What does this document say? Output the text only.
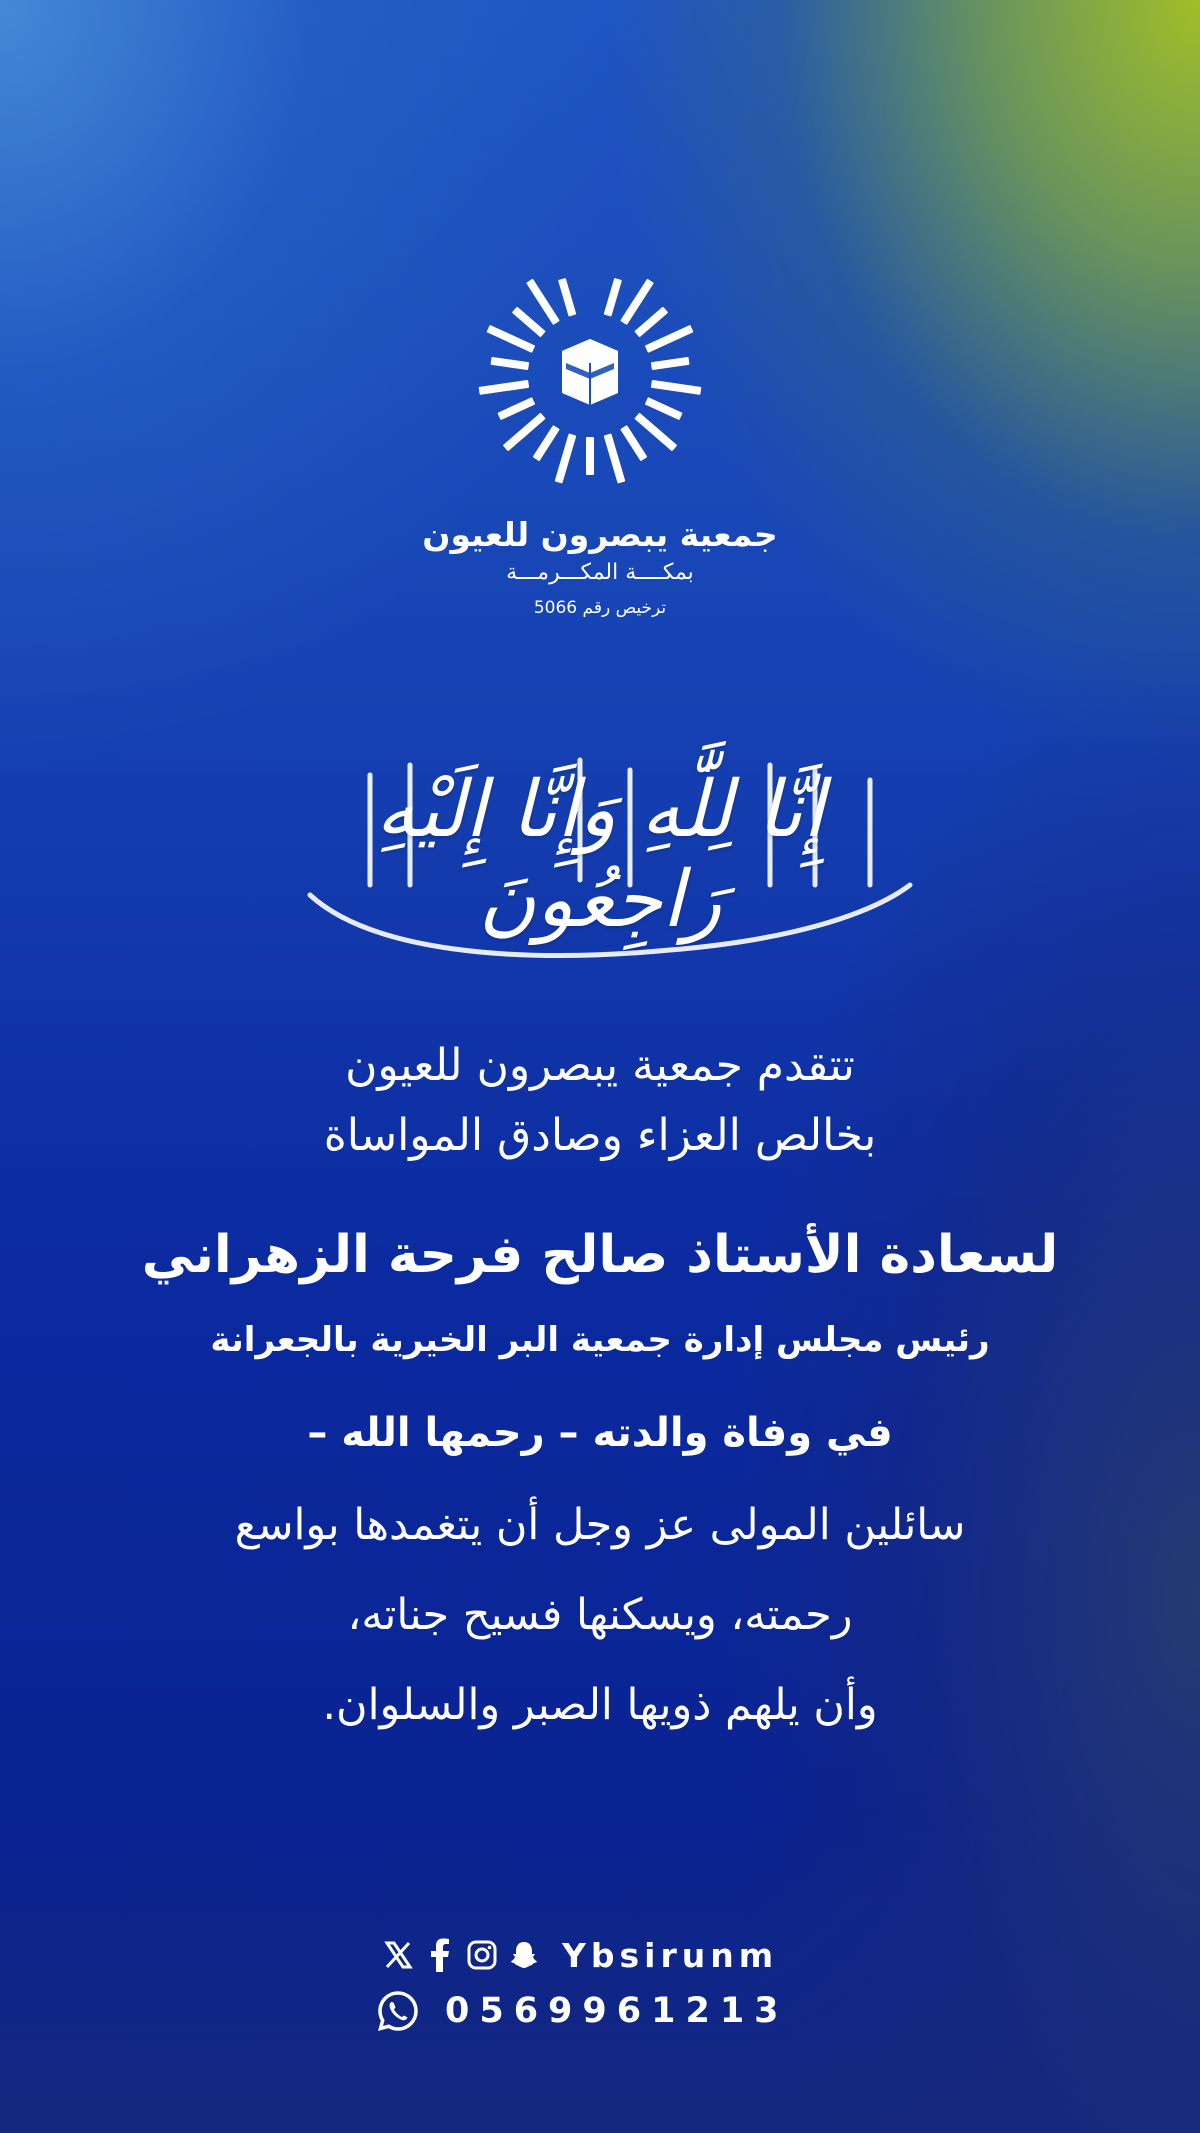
جمعية يبصرون للعيون
بمكــــة المكـــرمـــة
ترخيص رقم 5066
إِنَّا لِلَّٰهِ وَإِنَّا إِلَيْهِ رَاجِعُونَ
تتقدم جمعية يبصرون للعيون
بخالص العزاء وصادق المواساة
لسعادة الأستاذ صالح فرحة الزهراني
رئيس مجلس إدارة جمعية البر الخيرية بالجعرانة
في وفاة والدته – رحمها الله –
سائلين المولى عز وجل أن يتغمدها بواسع
رحمته، ويسكنها فسيح جناته،
وأن يلهم ذويها الصبر والسلوان.
Ybsirunm
0569961213
